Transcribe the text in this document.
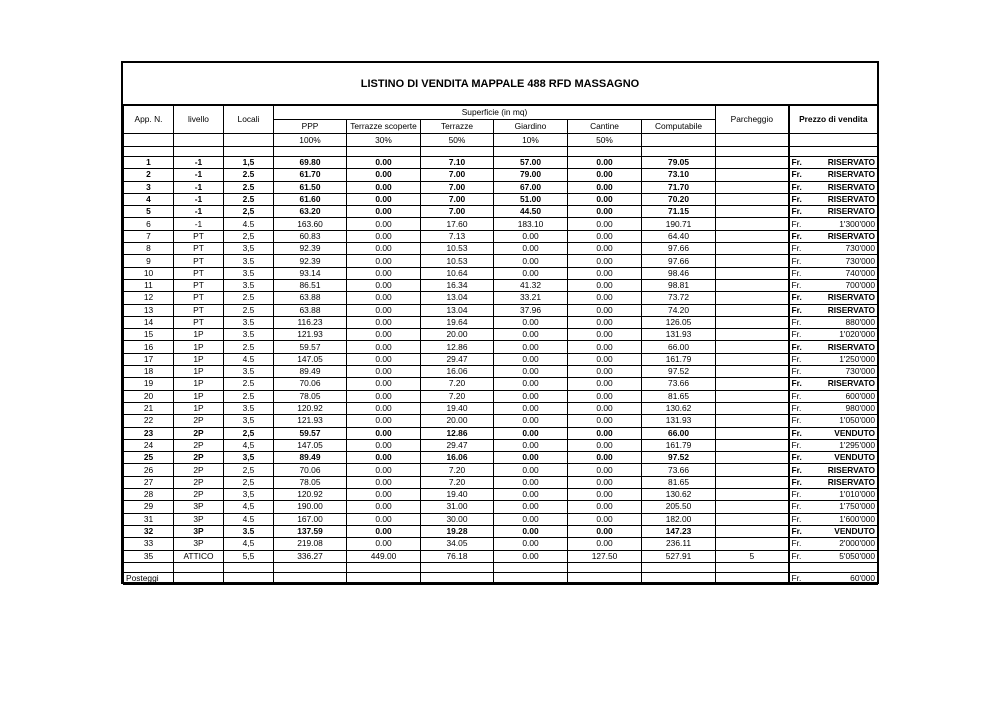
LISTINO DI VENDITA MAPPALE 488 RFD MASSAGNO
App. N.	livello	Locali	Superficie (in mq)						Parcheggio	Prezzo di vendita
			PPP	Terrazze scoperte	Terrazze	Giardino	Cantine	Computabile		
			100%	30%	50%	10%	50%			

1	-1	1,5	69.80	0.00	7.10	57.00	0.00	79.05		Fr. RISERVATO

2	-1	2.5	61.70	0.00	7.00	79.00	0.00	73.10		Fr. RISERVATO

3	-1	2.5	61.50	0.00	7.00	67.00	0.00	71.70		Fr. RISERVATO

4	-1	2.5	61.60	0.00	7.00	51.00	0.00	70.20		Fr. RISERVATO

5	-1	2,5	63.20	0.00	7.00	44.50	0.00	71.15		Fr. RISERVATO

6	-1	4.5	163.60	0.00	17.60	183.10	0.00	190.71		Fr. 1'300'000

7	PT	2,5	60.83	0.00	7.13	0.00	0.00	64.40		Fr. RISERVATO

8	PT	3,5	92.39	0.00	10.53	0.00	0.00	97.66		Fr. 730'000

9	PT	3.5	92.39	0.00	10.53	0.00	0.00	97.66		Fr. 730'000

10	PT	3.5	93.14	0.00	10.64	0.00	0.00	98.46		Fr. 740'000

11	PT	3.5	86.51	0.00	16.34	41.32	0.00	98.81		Fr. 700'000

12	PT	2.5	63.88	0.00	13.04	33.21	0.00	73.72		Fr. RISERVATO

13	PT	2.5	63.88	0.00	13.04	37.96	0.00	74.20		Fr. RISERVATO

14	PT	3.5	116.23	0.00	19.64	0.00	0.00	126.05		Fr. 880'000

15	1P	3.5	121.93	0.00	20.00	0.00	0.00	131.93		Fr. 1'020'000

16	1P	2.5	59.57	0.00	12.86	0.00	0.00	66.00		Fr. RISERVATO

17	1P	4.5	147.05	0.00	29.47	0.00	0.00	161.79		Fr. 1'250'000

18	1P	3.5	89.49	0.00	16.06	0.00	0.00	97.52		Fr. 730'000

19	1P	2.5	70.06	0.00	7.20	0.00	0.00	73.66		Fr. RISERVATO

20	1P	2.5	78.05	0.00	7.20	0.00	0.00	81.65		Fr. 600'000

21	1P	3.5	120.92	0.00	19.40	0.00	0.00	130.62		Fr. 980'000

22	2P	3,5	121.93	0.00	20.00	0.00	0.00	131.93		Fr. 1'050'000

23	2P	2,5	59.57	0.00	12.86	0.00	0.00	66.00		Fr. VENDUTO

24	2P	4,5	147.05	0.00	29.47	0.00	0.00	161.79		Fr. 1'295'000

25	2P	3,5	89.49	0.00	16.06	0.00	0.00	97.52		Fr. VENDUTO

26	2P	2,5	70.06	0.00	7.20	0.00	0.00	73.66		Fr. RISERVATO

27	2P	2,5	78.05	0.00	7.20	0.00	0.00	81.65		Fr. RISERVATO

28	2P	3,5	120.92	0.00	19.40	0.00	0.00	130.62		Fr. 1'010'000

29	3P	4,5	190.00	0.00	31.00	0.00	0.00	205.50		Fr. 1'750'000

31	3P	4.5	167.00	0.00	30.00	0.00	0.00	182.00		Fr. 1'600'000

32	3P	3.5	137.59	0.00	19.28	0.00	0.00	147.23		Fr. VENDUTO

33	3P	4,5	219.08	0.00	34.05	0.00	0.00	236.11		Fr. 2'000'000

35	ATTICO	5,5	336.27	449.00	76.18	0.00	127.50	527.91	5	Fr. 5'050'000

Posteggi										Fr. 60'000
